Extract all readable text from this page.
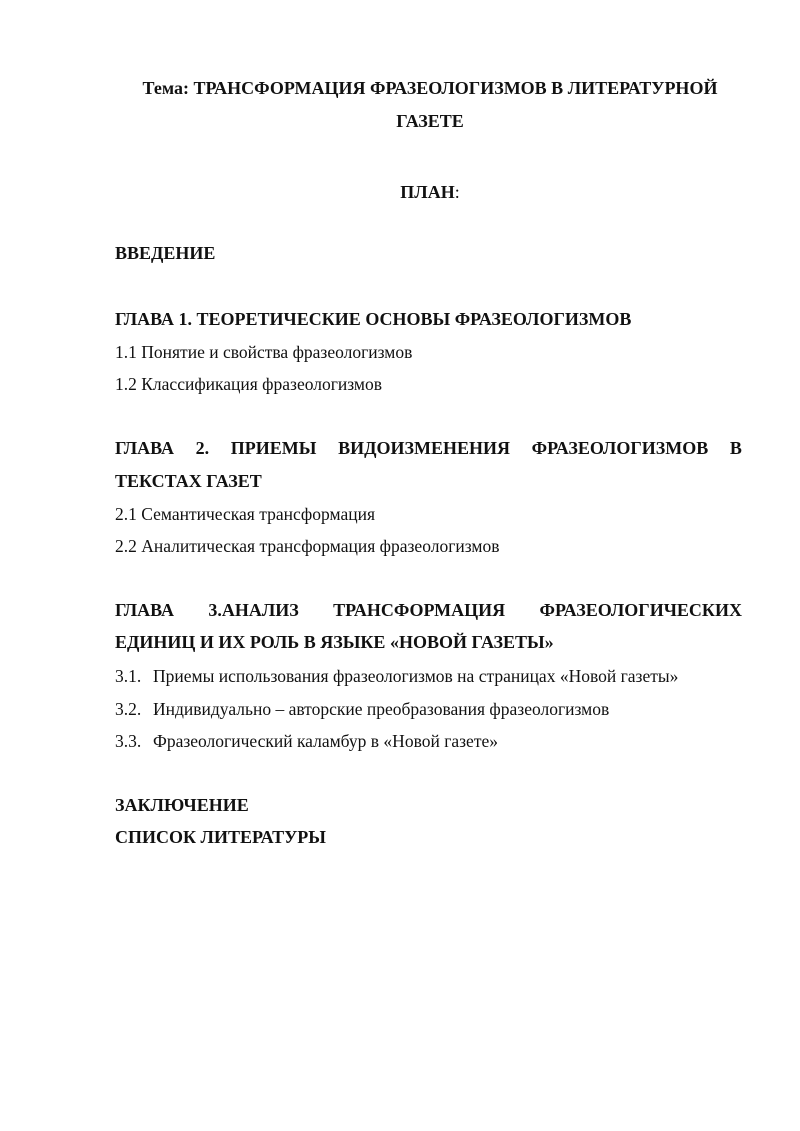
Тема: ТРАНСФОРМАЦИЯ ФРАЗЕОЛОГИЗМОВ В ЛИТЕРАТУРНОЙ
ГАЗЕТЕ
ПЛАН:
ВВЕДЕНИЕ
ГЛАВА 1. ТЕОРЕТИЧЕСКИЕ ОСНОВЫ ФРАЗЕОЛОГИЗМОВ
1.1 Понятие и свойства фразеологизмов
1.2 Классификация фразеологизмов
ГЛАВА 2. ПРИЕМЫ ВИДОИЗМЕНЕНИЯ ФРАЗЕОЛОГИЗМОВ В
ТЕКСТАХ ГАЗЕТ
2.1 Семантическая трансформация
2.2 Аналитическая трансформация фразеологизмов
ГЛАВА 3.АНАЛИЗ ТРАНСФОРМАЦИЯ ФРАЗЕОЛОГИЧЕСКИХ
ЕДИНИЦ И ИХ РОЛЬ В ЯЗЫКЕ «НОВОЙ ГАЗЕТЫ»
3.1. Приемы использования фразеологизмов на страницах «Новой газеты»
3.2. Индивидуально – авторские преобразования фразеологизмов
3.3. Фразеологический каламбур в «Новой газете»
ЗАКЛЮЧЕНИЕ
СПИСОК ЛИТЕРАТУРЫ
